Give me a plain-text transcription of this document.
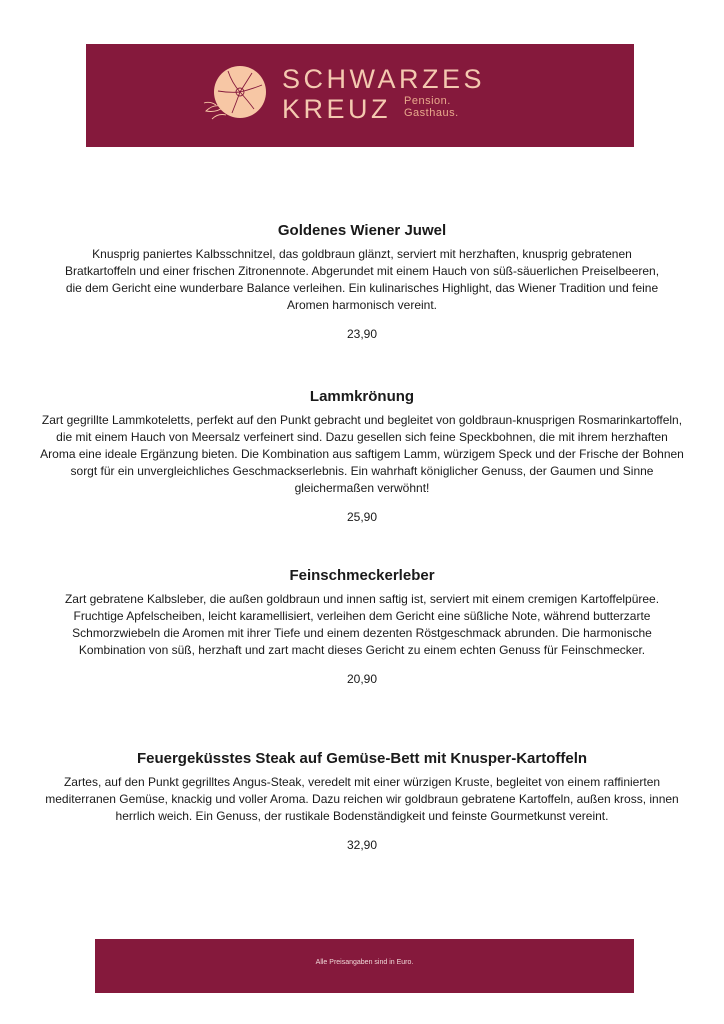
SCHWARZES
KREUZ Pension.
Gasthaus.
Goldenes Wiener Juwel

Knusprig paniertes Kalbsschnitzel, das goldbraun glänzt, serviert mit herzhaften, knusprig gebratenen Bratkartoffeln und einer frischen Zitronennote. Abgerundet mit einem Hauch von süß-säuerlichen Preiselbeeren, die dem Gericht eine wunderbare Balance verleihen. Ein kulinarisches Highlight, das Wiener Tradition und feine Aromen harmonisch vereint.

23,90
Lammkrönung

Zart gegrillte Lammkoteletts, perfekt auf den Punkt gebracht und begleitet von goldbraun-knusprigen Rosmarinkartoffeln, die mit einem Hauch von Meersalz verfeinert sind. Dazu gesellen sich feine Speckbohnen, die mit ihrem herzhaften Aroma eine ideale Ergänzung bieten. Die Kombination aus saftigem Lamm, würzigem Speck und der Frische der Bohnen sorgt für ein unvergleichliches Geschmackserlebnis. Ein wahrhaft königlicher Genuss, der Gaumen und Sinne gleichermaßen verwöhnt!

25,90
Feinschmeckerleber

Zart gebratene Kalbsleber, die außen goldbraun und innen saftig ist, serviert mit einem cremigen Kartoffelpüree. Fruchtige Apfelscheiben, leicht karamellisiert, verleihen dem Gericht eine süßliche Note, während butterzarte Schmorzwiebeln die Aromen mit ihrer Tiefe und einem dezenten Röstgeschmack abrunden. Die harmonische Kombination von süß, herzhaft und zart macht dieses Gericht zu einem echten Genuss für Feinschmecker.

20,90
Feuergeküsstes Steak auf Gemüse-Bett mit Knusper-Kartoffeln

Zartes, auf den Punkt gegrilltes Angus-Steak, veredelt mit einer würzigen Kruste, begleitet von einem raffinierten mediterranen Gemüse, knackig und voller Aroma. Dazu reichen wir goldbraun gebratene Kartoffeln, außen kross, innen herrlich weich. Ein Genuss, der rustikale Bodenständigkeit und feinste Gourmetkunst vereint.

32,90
Alle Preisangaben sind in Euro.
